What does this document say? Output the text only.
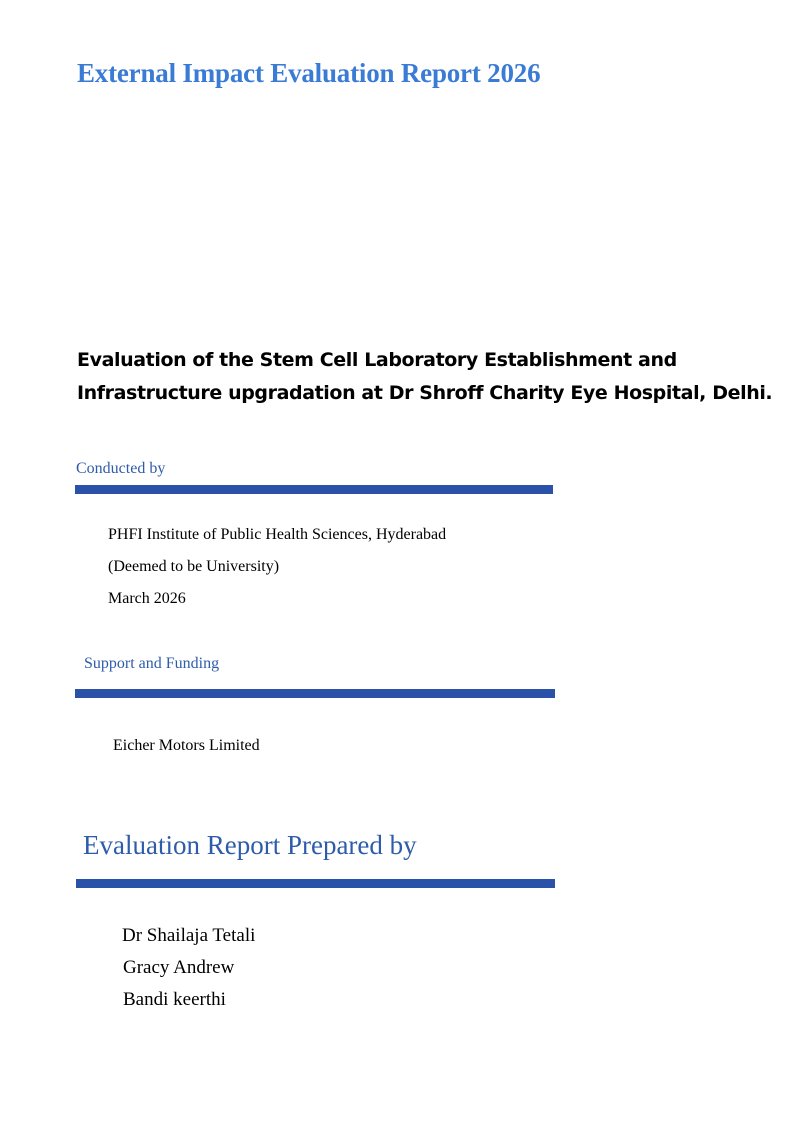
External Impact Evaluation Report 2026
Evaluation of the Stem Cell Laboratory Establishment and
Infrastructure upgradation at Dr Shroff Charity Eye Hospital, Delhi.
Conducted by
PHFI Institute of Public Health Sciences, Hyderabad
(Deemed to be University)
March 2026
Support and Funding
Eicher Motors Limited
Evaluation Report Prepared by
Dr Shailaja Tetali
Gracy Andrew
Bandi keerthi
